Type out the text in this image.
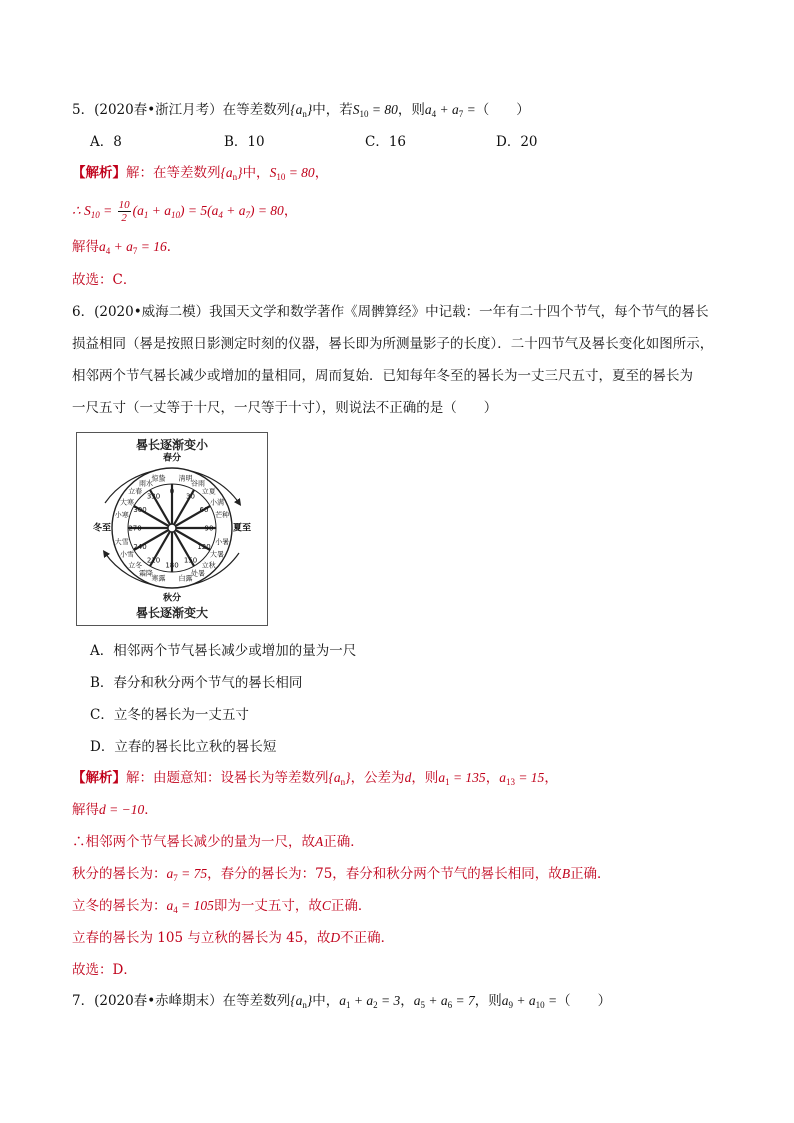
5．(2020春•浙江月考）在等差数列$\{a_n\}$中，若$S_{10} = 80$，则$a_4 + a_7$ =（　　）
A．8	B．10	C．16	D．20
【解析】解：在等差数列$\{a_n\}$中，$S_{10} = 80$，
∴ $S_{10} = \frac{10}{2} (a_1 + a_{10}) = 5(a_4 + a_7) = 80$，
解得$a_4 + a_7 = 16$．
故选：C．
6．(2020•威海二模）我国天文学和数学著作《周髀算经》中记载：一年有二十四个节气，每个节气的晷长
损益相同（晷是按照日影测定时刻的仪器，晷长即为所测量影子的长度）．二十四节气及晷长变化如图所示，
相邻两个节气晷长减少或增加的量相同，周而复始．已知每年冬至的晷长为一丈三尺五寸，夏至的晷长为
一尺五寸（一丈等于十尺，一尺等于十寸），则说法不正确的是（　　）
晷长逐渐变小
晷长逐渐变大
0
30
60
90
120
150
180
210
240
270
300
330
春分
清明
谷雨
立夏
小满
芒种
夏至
小暑
大暑
立秋
处暑
白露
秋分
寒露
霜降
立冬
小雪
大雪
冬至
小寒
大寒
立春
雨水
惊蛰
A．相邻两个节气晷长减少或增加的量为一尺
B．春分和秋分两个节气的晷长相同
C．立冬的晷长为一丈五寸
D．立春的晷长比立秋的晷长短
【解析】解：由题意知：设晷长为等差数列$\{a_n\}$，公差为d，则$a_1 = 135$，$a_{13} = 15$，
解得d = −10．
∴相邻两个节气晷长减少的量为一尺，故A正确．
秋分的晷长为：$a_7 = 75$，春分的晷长为：75，春分和秋分两个节气的晷长相同，故B正确．
立冬的晷长为：$a_4 = 105$即为一丈五寸，故C正确．
立春的晷长为 105 与立秋的晷长为 45，故D不正确．
故选：D．
7．(2020春•赤峰期末）在等差数列$\{a_n\}$中，$a_1 + a_2 = 3$，$a_5 + a_6 = 7$，则$a_9 + a_{10}$ =（　　）
